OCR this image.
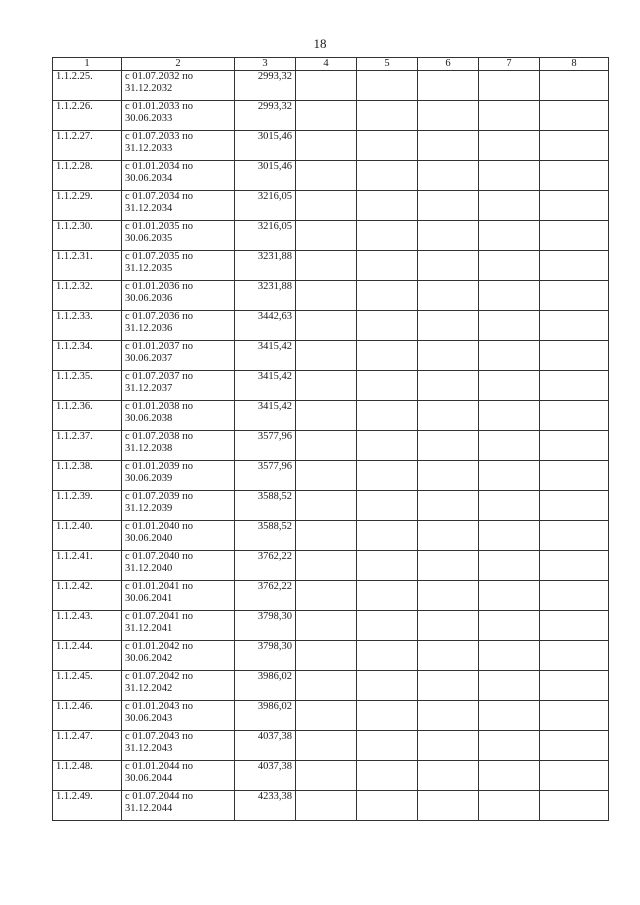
18
1	2	3	4	5	6	7	8
1.1.2.25.	с 01.07.2032 по
31.12.2032	2993,32					
1.1.2.26.	с 01.01.2033 по
30.06.2033	2993,32					
1.1.2.27.	с 01.07.2033 по
31.12.2033	3015,46					
1.1.2.28.	с 01.01.2034 по
30.06.2034	3015,46					
1.1.2.29.	с 01.07.2034 по
31.12.2034	3216,05					
1.1.2.30.	с 01.01.2035 по
30.06.2035	3216,05					
1.1.2.31.	с 01.07.2035 по
31.12.2035	3231,88					
1.1.2.32.	с 01.01.2036 по
30.06.2036	3231,88					
1.1.2.33.	с 01.07.2036 по
31.12.2036	3442,63					
1.1.2.34.	с 01.01.2037 по
30.06.2037	3415,42					
1.1.2.35.	с 01.07.2037 по
31.12.2037	3415,42					
1.1.2.36.	с 01.01.2038 по
30.06.2038	3415,42					
1.1.2.37.	с 01.07.2038 по
31.12.2038	3577,96					
1.1.2.38.	с 01.01.2039 по
30.06.2039	3577,96					
1.1.2.39.	с 01.07.2039 по
31.12.2039	3588,52					
1.1.2.40.	с 01.01.2040 по
30.06.2040	3588,52					
1.1.2.41.	с 01.07.2040 по
31.12.2040	3762,22					
1.1.2.42.	с 01.01.2041 по
30.06.2041	3762,22					
1.1.2.43.	с 01.07.2041 по
31.12.2041	3798,30					
1.1.2.44.	с 01.01.2042 по
30.06.2042	3798,30					
1.1.2.45.	с 01.07.2042 по
31.12.2042	3986,02					
1.1.2.46.	с 01.01.2043 по
30.06.2043	3986,02					
1.1.2.47.	с 01.07.2043 по
31.12.2043	4037,38					
1.1.2.48.	с 01.01.2044 по
30.06.2044	4037,38					
1.1.2.49.	с 01.07.2044 по
31.12.2044	4233,38					
